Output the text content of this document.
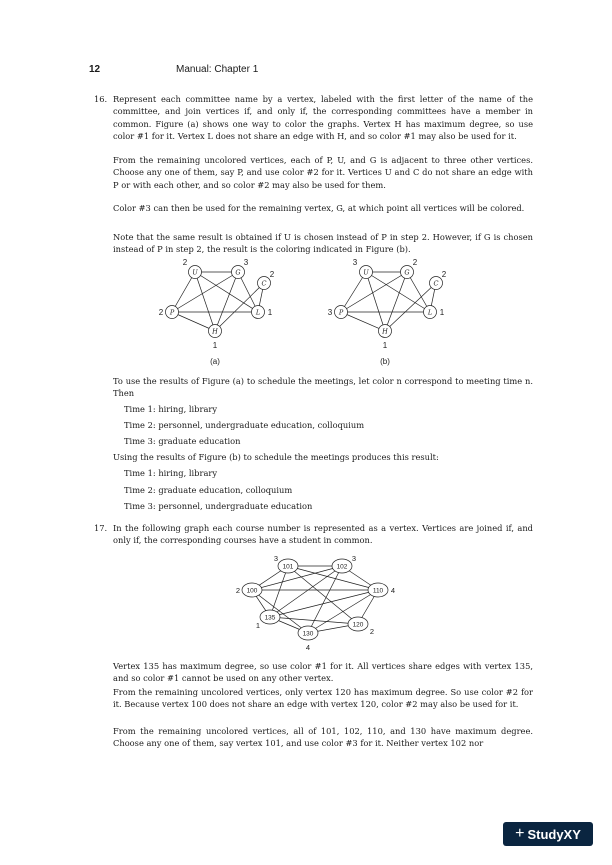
12	Manual: Chapter 1
16. Represent each committee name by a vertex, labeled with the first letter of the name of the committee, and join vertices if, and only if, the corresponding committees have a member in common. Figure (a) shows one way to color the graphs. Vertex H has maximum degree, so use color #1 for it. Vertex L does not share an edge with H, and so color #1 may also be used for it.

From the remaining uncolored vertices, each of P, U, and G is adjacent to three other vertices. Choose any one of them, say P, and use color #2 for it. Vertices U and C do not share an edge with P or with each other, and so color #2 may also be used for them.

Color #3 can then be used for the remaining vertex, G, at which point all vertices will be colored.

Note that the same result is obtained if U is chosen instead of P in step 2. However, if G is chosen instead of P in step 2, the result is the coloring indicated in Figure (b).

U	G
C
P	L
H
U	G
C
P	L
H
2	3
2
2	1
1
(a)
3	2
2
3	1
1
(b)
101	102
100	110
135
120
130
3	3
2	4
1
2
4

To use the results of Figure (a) to schedule the meetings, let color n correspond to meeting time n. Then

Time 1: hiring, library
Time 2: personnel, undergraduate education, colloquium
Time 3: graduate education

Using the results of Figure (b) to schedule the meetings produces this result:

Time 1: hiring, library
Time 2: graduate education, colloquium
Time 3: personnel, undergraduate education
17. In the following graph each course number is represented as a vertex. Vertices are joined if, and only if, the corresponding courses have a student in common.

Vertex 135 has maximum degree, so use color #1 for it. All vertices share edges with vertex 135, and so color #1 cannot be used on any other vertex.

From the remaining uncolored vertices, only vertex 120 has maximum degree. So use color #2 for it. Because vertex 100 does not share an edge with vertex 120, color #2 may also be used for it.

From the remaining uncolored vertices, all of 101, 102, 110, and 130 have maximum degree. Choose any one of them, say vertex 101, and use color #3 for it. Neither vertex 102 nor

+ StudyXY
